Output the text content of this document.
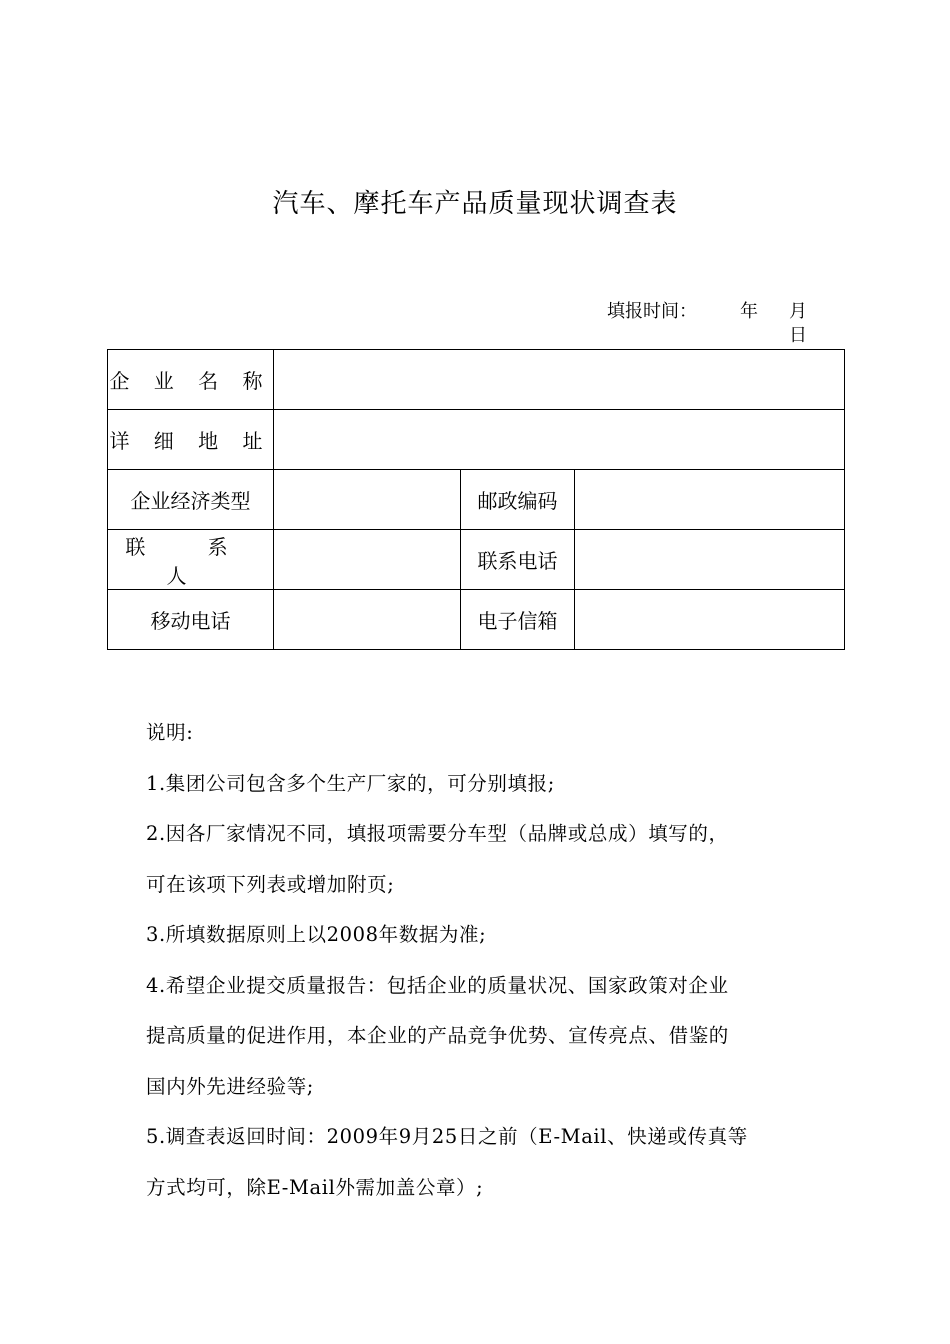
汽车、摩托车产品质量现状调查表
填报时间： 年 月
日
企 业 名 称			
详 细 地 址			
企业经济类型		邮政编码	
联 系 人		联系电话	
移动电话		电子信箱	

说明:

1.集团公司包含多个生产厂家的，可分别填报;

2.因各厂家情况不同，填报项需要分车型（品牌或总成）填写的，

可在该项下列表或增加附页;

3.所填数据原则上以2008年数据为准;

4.希望企业提交质量报告：包括企业的质量状况、国家政策对企业

提高质量的促进作用，本企业的产品竞争优势、宣传亮点、借鉴的

国内外先进经验等;

5.调查表返回时间：2009年9月25日之前（E-Mail、快递或传真等

方式均可，除E-Mail外需加盖公章）;
